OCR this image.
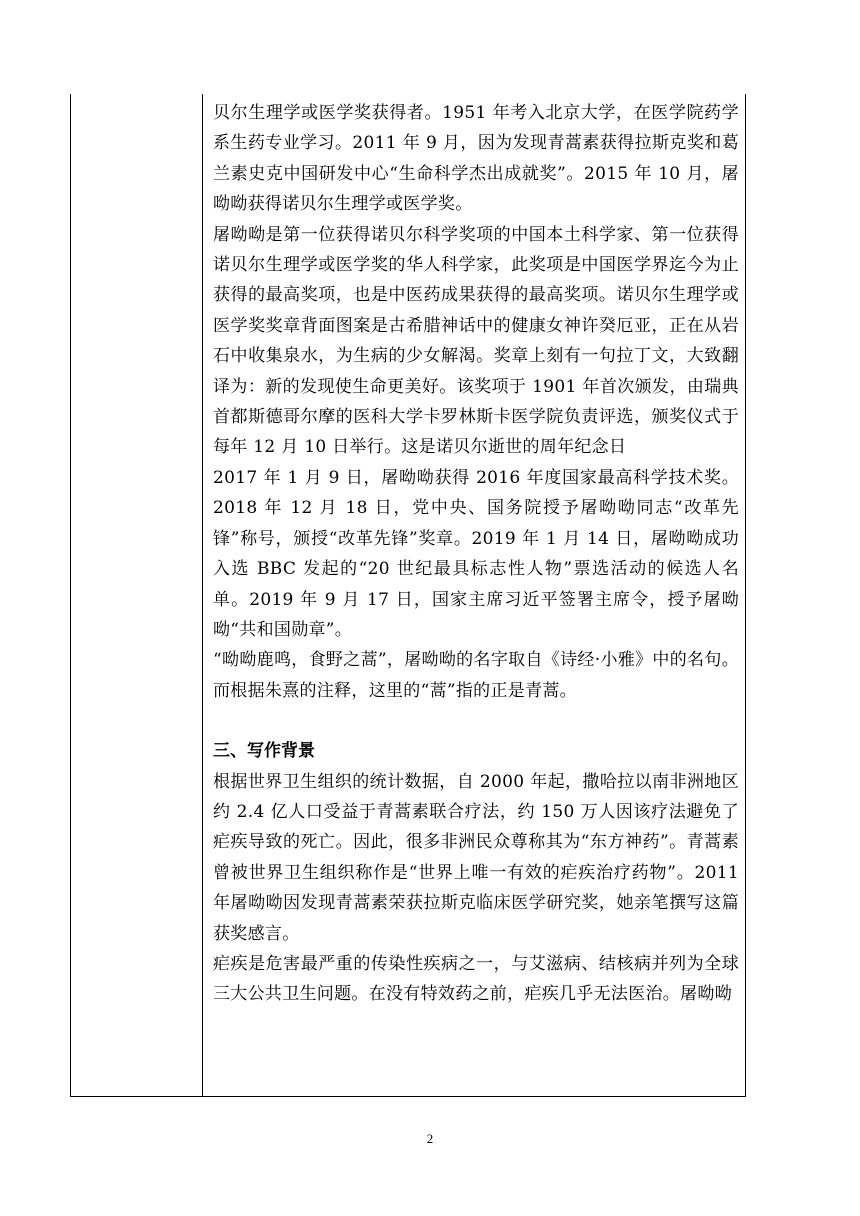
贝尔生理学或医学奖获得者。1951 年考入北京大学，在医学院药学系生药专业学习。2011 年 9 月，因为发现青蒿素获得拉斯克奖和葛兰素史克中国研发中心“生命科学杰出成就奖”。2015 年 10 月，屠呦呦获得诺贝尔生理学或医学奖。

屠呦呦是第一位获得诺贝尔科学奖项的中国本土科学家、第一位获得诺贝尔生理学或医学奖的华人科学家，此奖项是中国医学界迄今为止获得的最高奖项，也是中医药成果获得的最高奖项。诺贝尔生理学或医学奖奖章背面图案是古希腊神话中的健康女神许癸厄亚，正在从岩石中收集泉水，为生病的少女解渴。奖章上刻有一句拉丁文，大致翻译为：新的发现使生命更美好。该奖项于 1901 年首次颁发，由瑞典首都斯德哥尔摩的医科大学卡罗林斯卡医学院负责评选，颁奖仪式于每年 12 月 10 日举行。这是诺贝尔逝世的周年纪念日

2017 年 1 月 9 日，屠呦呦获得 2016 年度国家最高科学技术奖。2018 年 12 月 18 日，党中央、国务院授予屠呦呦同志“改革先锋”称号，颁授“改革先锋”奖章。2019 年 1 月 14 日，屠呦呦成功入选 BBC 发起的“20 世纪最具标志性人物”票选活动的候选人名单。2019 年 9 月 17 日，国家主席习近平签署主席令，授予屠呦呦“共和国勋章”。

“呦呦鹿鸣，食野之蒿”，屠呦呦的名字取自《诗经·小雅》中的名句。而根据朱熹的注释，这里的“蒿”指的正是青蒿。

三、写作背景

根据世界卫生组织的统计数据，自 2000 年起，撒哈拉以南非洲地区约 2.4 亿人口受益于青蒿素联合疗法，约 150 万人因该疗法避免了疟疾导致的死亡。因此，很多非洲民众尊称其为“东方神药”。青蒿素曾被世界卫生组织称作是“世界上唯一有效的疟疾治疗药物”。2011 年屠呦呦因发现青蒿素荣获拉斯克临床医学研究奖，她亲笔撰写这篇获奖感言。

疟疾是危害最严重的传染性疾病之一，与艾滋病、结核病并列为全球三大公共卫生问题。在没有特效药之前，疟疾几乎无法医治。屠呦呦

2
